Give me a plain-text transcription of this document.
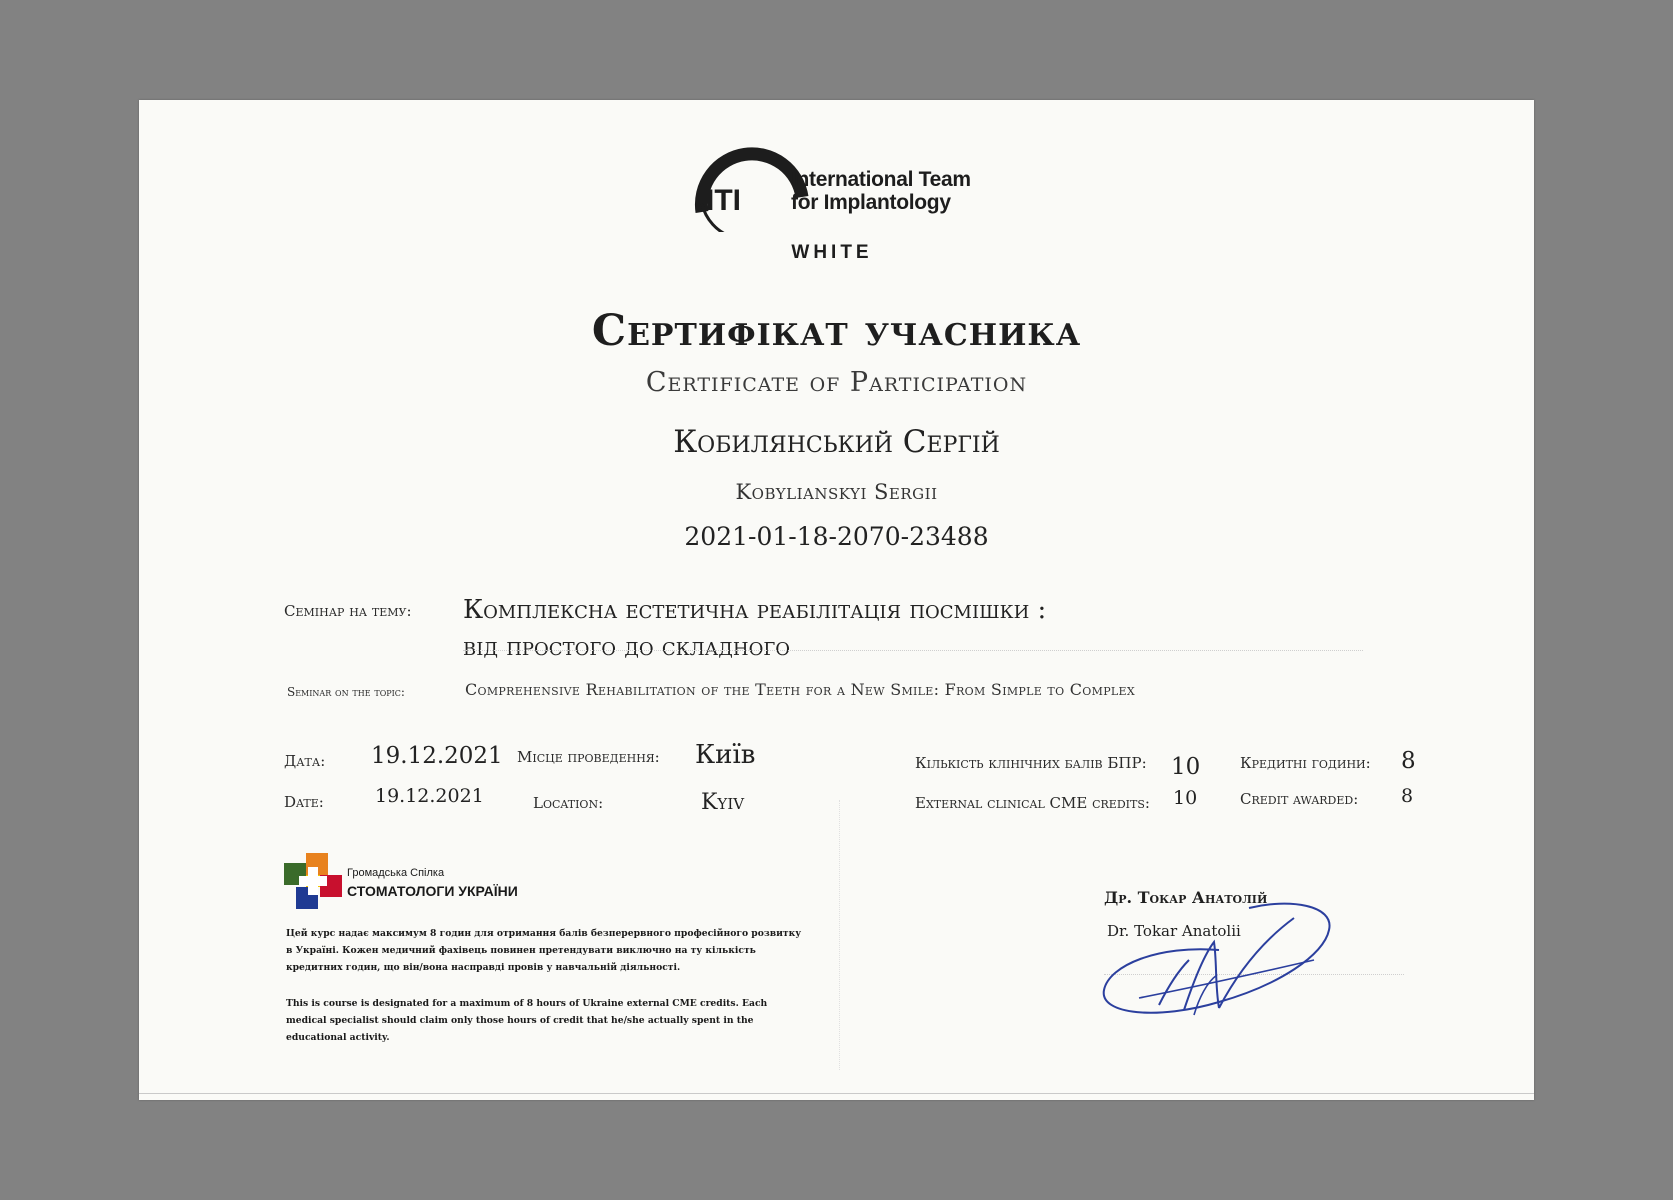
ITI
International Team
for Implantology
WHITE
Сертифікат учасника
Certificate of Participation
Кобилянський Сергій
Kobylianskyi Sergii
2021-01-18-2070-23488
Семінар на тему: Комплексна естетична реабілітація посмішки :
від простого до складного
Seminar on the topic:	Comprehensive Rehabilitation of the Teeth for a New Smile: From Simple to Complex
Дата: 19.12.2021 Місце проведення: Київ	Кількість клінічних балів БПР: 10	Кредитні години: 8
Date:	19.12.2021	Location:	Kyiv	External clinical CME credits: 10	Credit awarded: 8
Громадська Спілка
СТОМАТОЛОГИ УКРАЇНИ
Цей курс надає максимум 8 годин для отримання балів безперервного професійного розвитку в Україні. Кожен медичний фахівець повинен претендувати виключно на ту кількість кредитних годин, що він/вона насправді провів у навчальній діяльності.
This is course is designated for a maximum of 8 hours of Ukraine external CME credits. Each medical specialist should claim only those hours of credit that he/she actually spent in the educational activity.
Др. Токар Анатолій
Dr. Tokar Anatolii
